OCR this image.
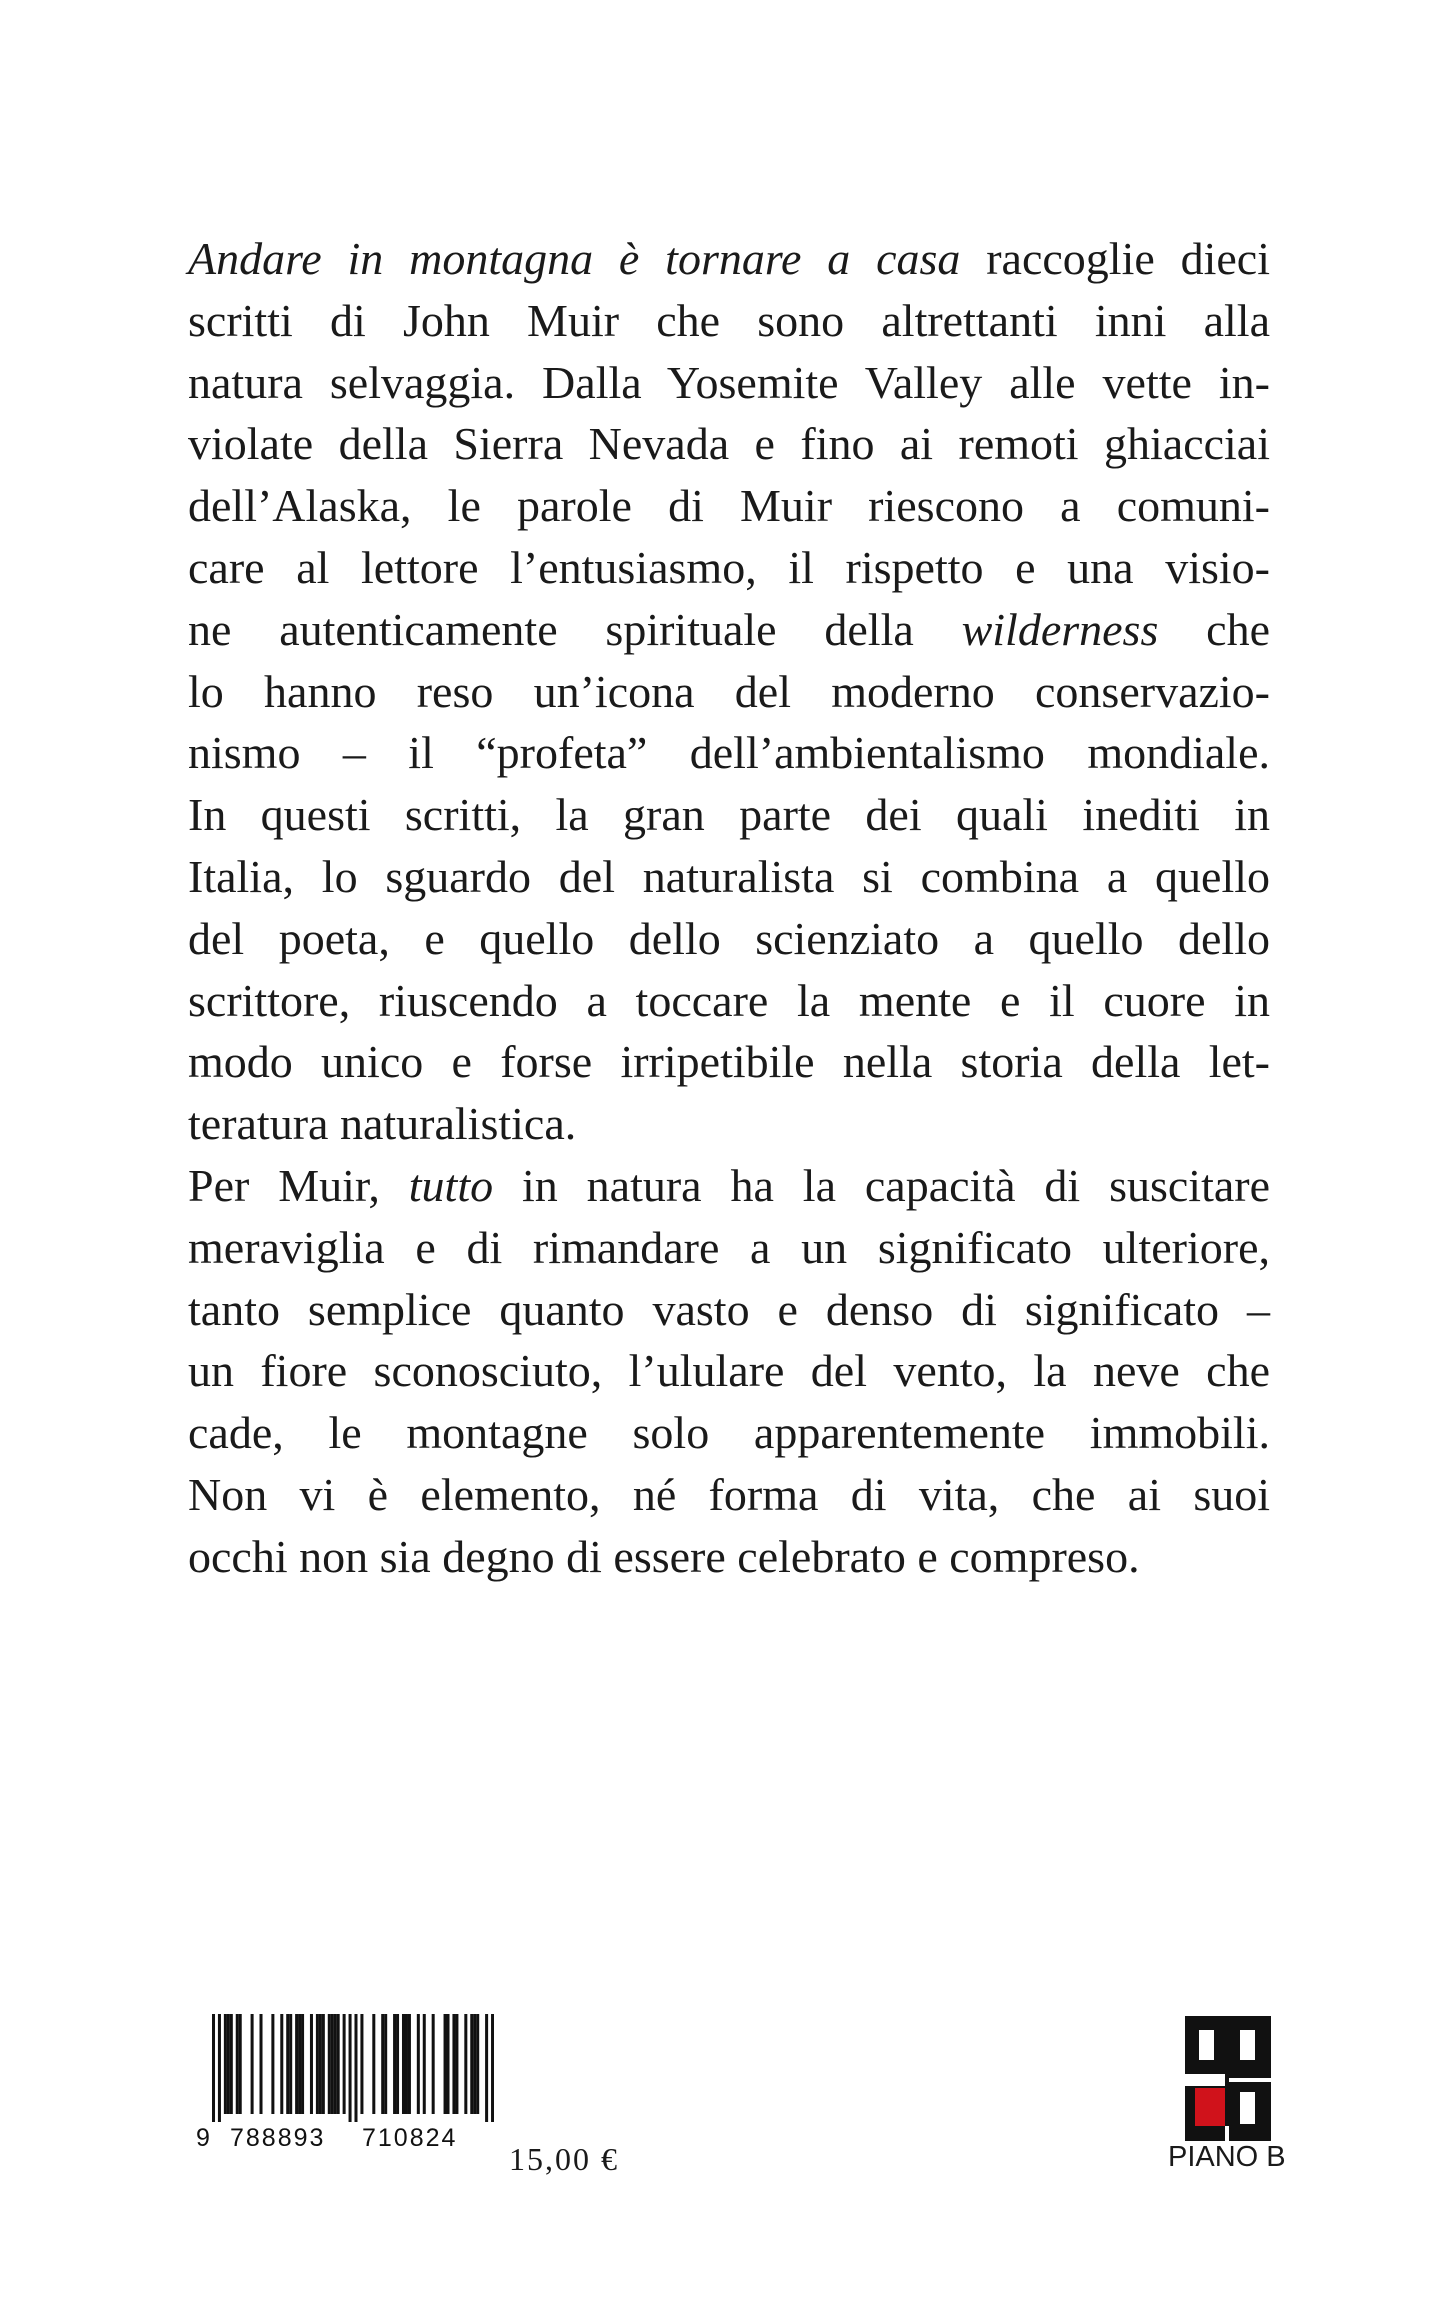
Andare in montagna è tornare a casa raccoglie dieci
scritti di John Muir che sono altrettanti inni alla
natura selvaggia. Dalla Yosemite Valley alle vette in-
violate della Sierra Nevada e fino ai remoti ghiacciai
dell’Alaska, le parole di Muir riescono a comuni-
care al lettore l’entusiasmo, il rispetto e una visio-
ne autenticamente spirituale della wilderness che
lo hanno reso un’icona del moderno conservazio-
nismo – il “profeta” dell’ambientalismo mondiale.
In questi scritti, la gran parte dei quali inediti in
Italia, lo sguardo del naturalista si combina a quello
del poeta, e quello dello scienziato a quello dello
scrittore, riuscendo a toccare la mente e il cuore in
modo unico e forse irripetibile nella storia della let-
teratura naturalistica.
Per Muir, tutto in natura ha la capacità di suscitare
meraviglia e di rimandare a un significato ulteriore,
tanto semplice quanto vasto e denso di significato –
un fiore sconosciuto, l’ululare del vento, la neve che
cade, le montagne solo apparentemente immobili.
Non vi è elemento, né forma di vita, che ai suoi
occhi non sia degno di essere celebrato e compreso.
9 788893 710824
15,00 €	PIANO B
